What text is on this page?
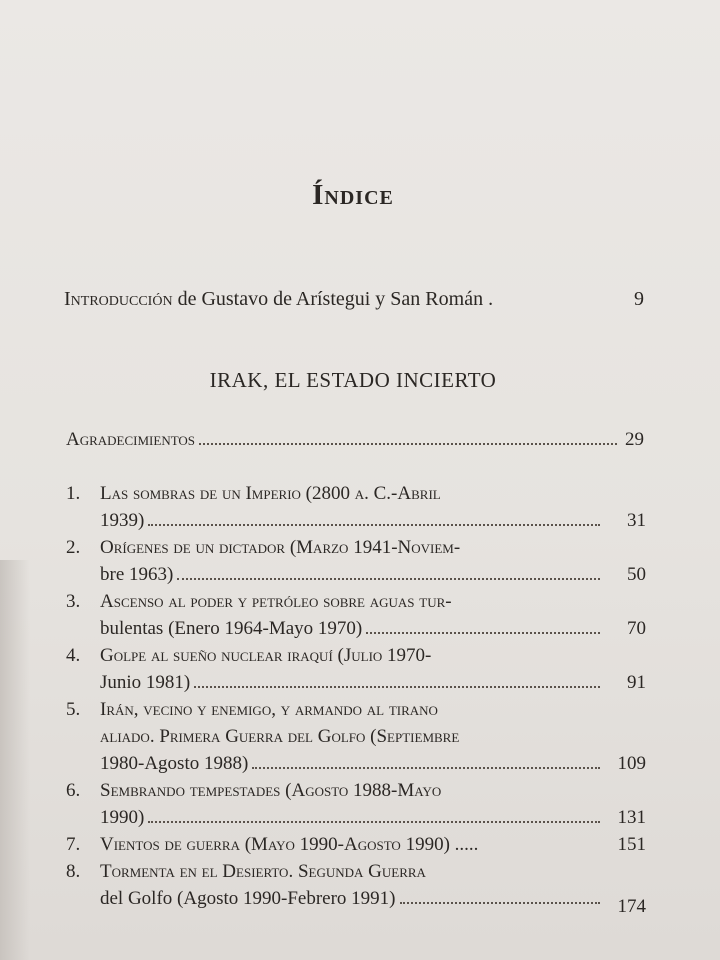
Índice
Introducción de Gustavo de Arístegui y San Román .	9
IRAK, EL ESTADO INCIERTO
Agradecimientos	29
1.	Las sombras de un Imperio (2800 a. C.-Abril
1939)	31
2.	Orígenes de un dictador (Marzo 1941-Noviem-
bre 1963)	50
3.	Ascenso al poder y petróleo sobre aguas tur-
bulentas (Enero 1964-Mayo 1970)	70
4.	Golpe al sueño nuclear iraquí (Julio 1970-
Junio 1981)	91
5.	Irán, vecino y enemigo, y armando al tirano
aliado. Primera Guerra del Golfo (Septiembre
1980-Agosto 1988)	109
6.	Sembrando tempestades (Agosto 1988-Mayo
1990)	131
7.	Vientos de guerra (Mayo 1990-Agosto 1990) .....	151
8.	Tormenta en el Desierto. Segunda Guerra
del Golfo (Agosto 1990-Febrero 1991)	174
